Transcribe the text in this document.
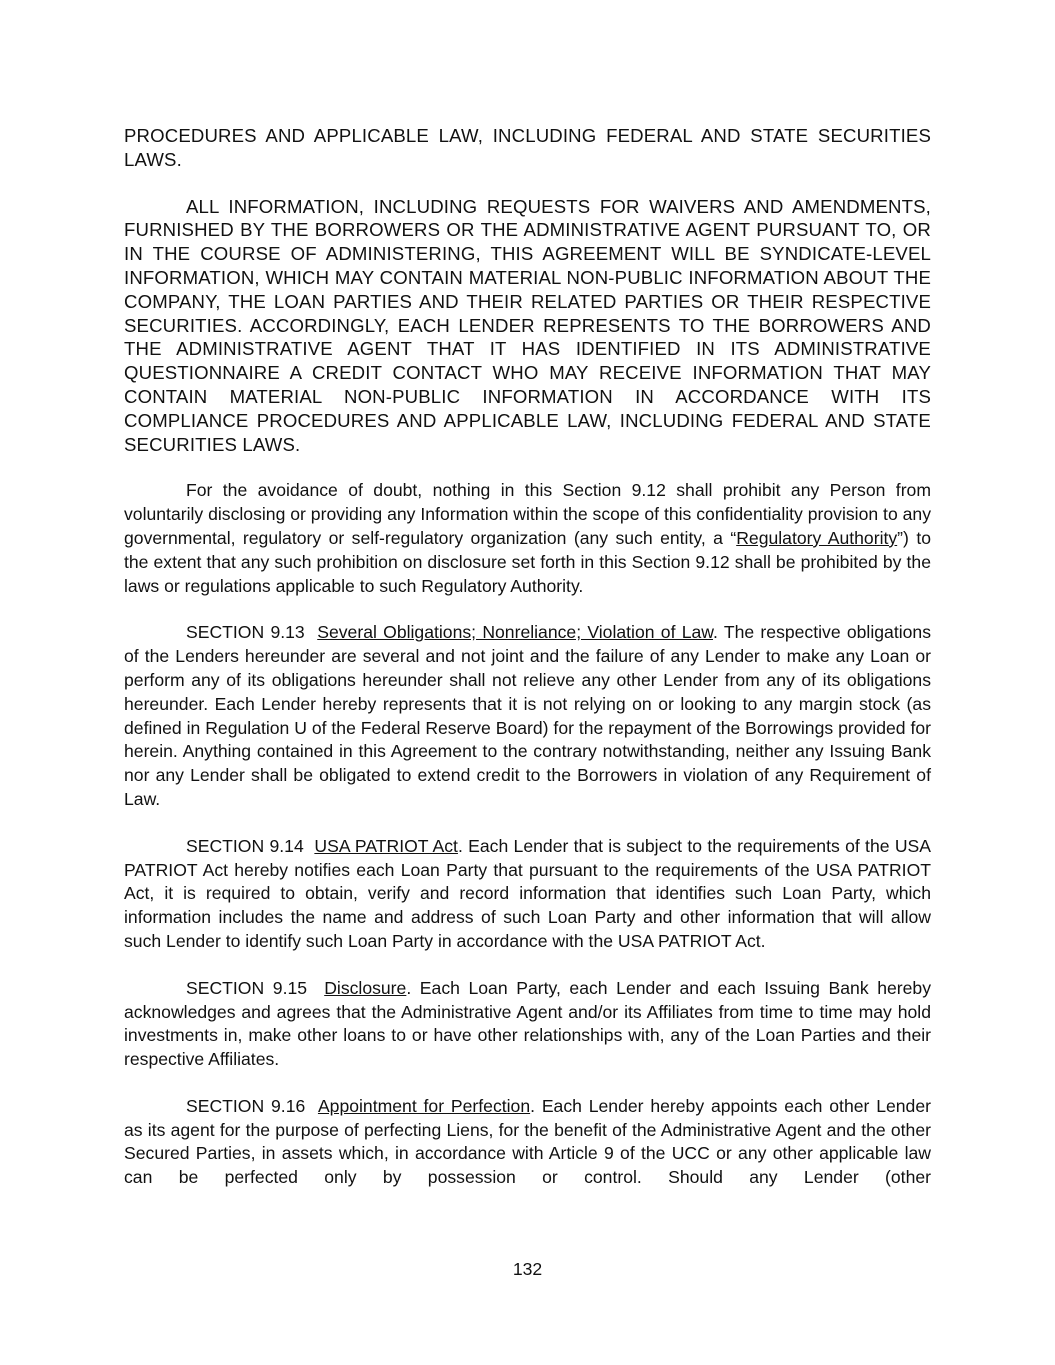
PROCEDURES AND APPLICABLE LAW, INCLUDING FEDERAL AND STATE SECURITIES LAWS.

ALL INFORMATION, INCLUDING REQUESTS FOR WAIVERS AND AMENDMENTS, FURNISHED BY THE BORROWERS OR THE ADMINISTRATIVE AGENT PURSUANT TO, OR IN THE COURSE OF ADMINISTERING, THIS AGREEMENT WILL BE SYNDICATE-LEVEL INFORMATION, WHICH MAY CONTAIN MATERIAL NON-PUBLIC INFORMATION ABOUT THE COMPANY, THE LOAN PARTIES AND THEIR RELATED PARTIES OR THEIR RESPECTIVE SECURITIES. ACCORDINGLY, EACH LENDER REPRESENTS TO THE BORROWERS AND THE ADMINISTRATIVE AGENT THAT IT HAS IDENTIFIED IN ITS ADMINISTRATIVE QUESTIONNAIRE A CREDIT CONTACT WHO MAY RECEIVE INFORMATION THAT MAY CONTAIN MATERIAL NON-PUBLIC INFORMATION IN ACCORDANCE WITH ITS COMPLIANCE PROCEDURES AND APPLICABLE LAW, INCLUDING FEDERAL AND STATE SECURITIES LAWS.

For the avoidance of doubt, nothing in this Section 9.12 shall prohibit any Person from voluntarily disclosing or providing any Information within the scope of this confidentiality provision to any governmental, regulatory or self-regulatory organization (any such entity, a “Regulatory Authority”) to the extent that any such prohibition on disclosure set forth in this Section 9.12 shall be prohibited by the laws or regulations applicable to such Regulatory Authority.

SECTION 9.13 Several Obligations; Nonreliance; Violation of Law. The respective obligations of the Lenders hereunder are several and not joint and the failure of any Lender to make any Loan or perform any of its obligations hereunder shall not relieve any other Lender from any of its obligations hereunder. Each Lender hereby represents that it is not relying on or looking to any margin stock (as defined in Regulation U of the Federal Reserve Board) for the repayment of the Borrowings provided for herein. Anything contained in this Agreement to the contrary notwithstanding, neither any Issuing Bank nor any Lender shall be obligated to extend credit to the Borrowers in violation of any Requirement of Law.

SECTION 9.14 USA PATRIOT Act. Each Lender that is subject to the requirements of the USA PATRIOT Act hereby notifies each Loan Party that pursuant to the requirements of the USA PATRIOT Act, it is required to obtain, verify and record information that identifies such Loan Party, which information includes the name and address of such Loan Party and other information that will allow such Lender to identify such Loan Party in accordance with the USA PATRIOT Act.

SECTION 9.15 Disclosure. Each Loan Party, each Lender and each Issuing Bank hereby acknowledges and agrees that the Administrative Agent and/or its Affiliates from time to time may hold investments in, make other loans to or have other relationships with, any of the Loan Parties and their respective Affiliates.

SECTION 9.16 Appointment for Perfection. Each Lender hereby appoints each other Lender as its agent for the purpose of perfecting Liens, for the benefit of the Administrative Agent and the other Secured Parties, in assets which, in accordance with Article 9 of the UCC or any other applicable law can be perfected only by possession or control. Should any Lender (other

132
